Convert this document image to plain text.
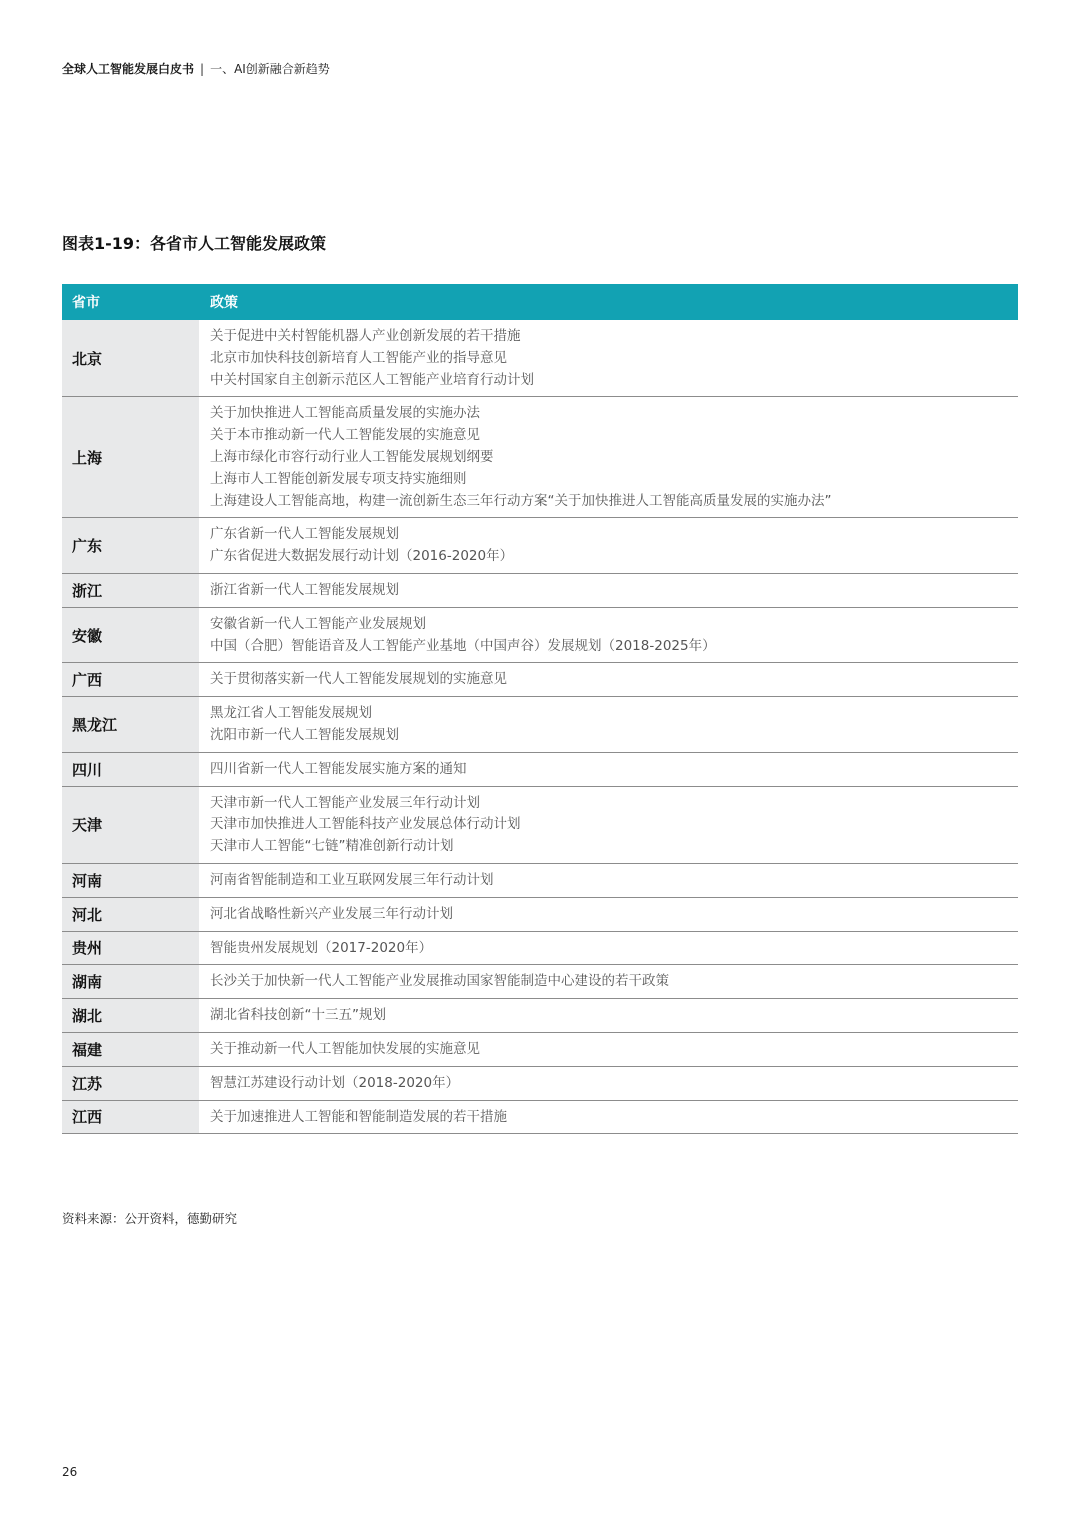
全球人工智能发展白皮书 | 一、AI创新融合新趋势
图表1-19：各省市人工智能发展政策
省市	政策
北京	关于促进中关村智能机器人产业创新发展的若干措施
北京市加快科技创新培育人工智能产业的指导意见
中关村国家自主创新示范区人工智能产业培育行动计划

上海	关于加快推进人工智能高质量发展的实施办法
关于本市推动新一代人工智能发展的实施意见
上海市绿化市容行动行业人工智能发展规划纲要
上海市人工智能创新发展专项支持实施细则
上海建设人工智能高地，构建一流创新生态三年行动方案“关于加快推进人工智能高质量发展的实施办法”

广东	广东省新一代人工智能发展规划
广东省促进大数据发展行动计划（2016-2020年）

浙江	浙江省新一代人工智能发展规划

安徽	安徽省新一代人工智能产业发展规划
中国（合肥）智能语音及人工智能产业基地（中国声谷）发展规划（2018-2025年）

广西	关于贯彻落实新一代人工智能发展规划的实施意见

黑龙江	黑龙江省人工智能发展规划
沈阳市新一代人工智能发展规划

四川	四川省新一代人工智能发展实施方案的通知

天津	天津市新一代人工智能产业发展三年行动计划
天津市加快推进人工智能科技产业发展总体行动计划
天津市人工智能“七链”精准创新行动计划

河南	河南省智能制造和工业互联网发展三年行动计划

河北	河北省战略性新兴产业发展三年行动计划

贵州	智能贵州发展规划（2017-2020年）

湖南	长沙关于加快新一代人工智能产业发展推动国家智能制造中心建设的若干政策

湖北	湖北省科技创新“十三五”规划

福建	关于推动新一代人工智能加快发展的实施意见

江苏	智慧江苏建设行动计划（2018-2020年）

江西	关于加速推进人工智能和智能制造发展的若干措施
资料来源：公开资料，德勤研究
26
